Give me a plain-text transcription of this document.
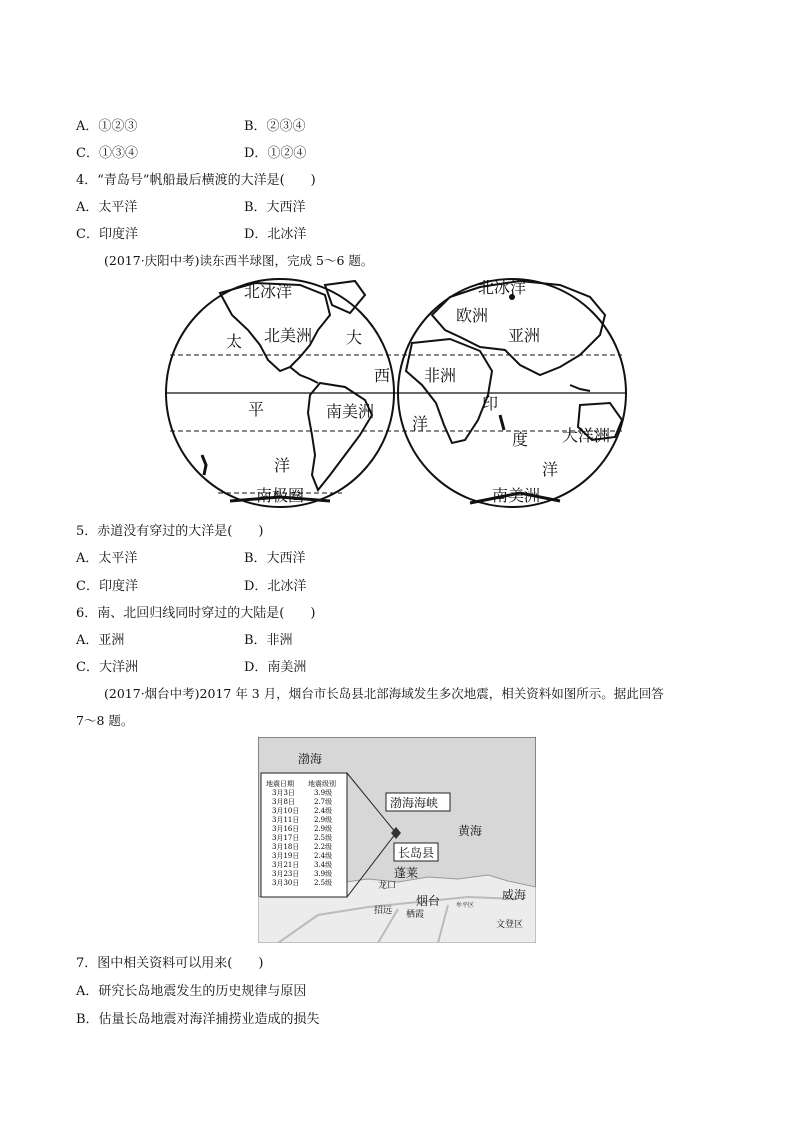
A．①②③	B．②③④
C．①③④	D．①②④
4．“青岛号”帆船最后横渡的大洋是(　　)
A．太平洋	B．大西洋
C．印度洋	D．北冰洋
(2017·庆阳中考)读东西半球图，完成 5～6 题。
北冰洋
北美洲
太	大
西
平	南美洲
洋
南极圈
北冰洋
欧洲
亚洲
非洲
印
洋
度 大洋洲
洋
南美洲
5．赤道没有穿过的大洋是(　　)
A．太平洋	B．大西洋
C．印度洋	D．北冰洋
6．南、北回归线同时穿过的大陆是(　　)
A．亚洲	B．非洲
C．大洋洲	D．南美洲
(2017·烟台中考)2017 年 3 月，烟台市长岛县北部海域发生多次地震，相关资料如图所示。据此回答
7～8 题。
渤海
地震日期 地震级别
3月3日	3.9级
3月8日	2.7级
3月10日 2.4级
3月11日 2.9级
3月16日 2.9级
3月17日 2.5级
3月18日 2.2级
3月19日 2.4级
3月21日 3.4级
3月23日 3.9级
3月30日 2.5级
渤海海峡
长岛县
黄海
蓬莱
龙口
烟台
招远 栖霞
威海
牟平区
文登区
7．图中相关资料可以用来(　　)
A．研究长岛地震发生的历史规律与原因
B．估量长岛地震对海洋捕捞业造成的损失
